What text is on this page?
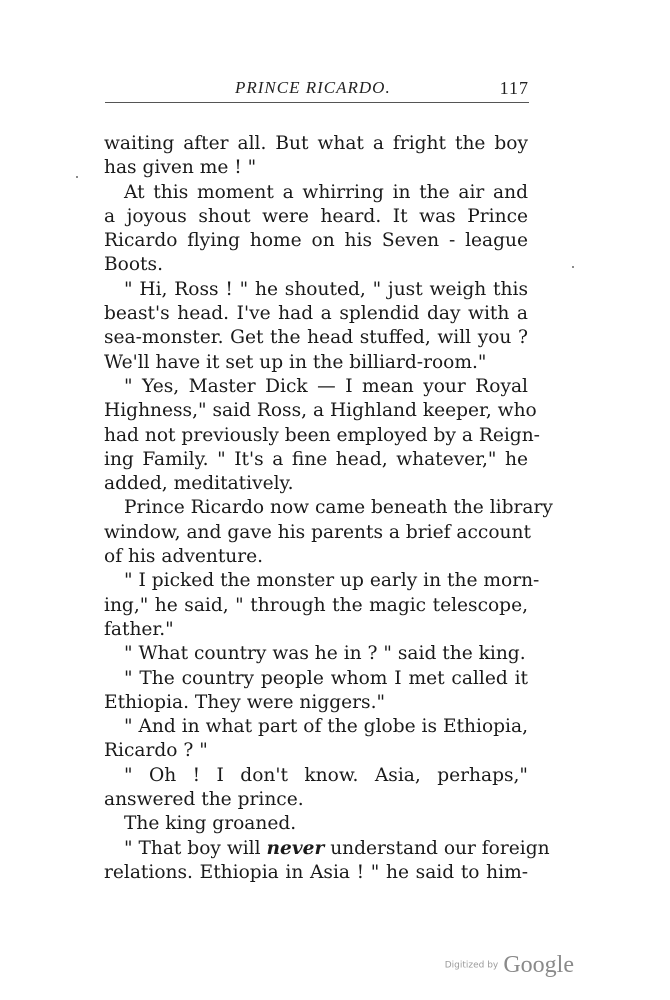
PRINCE RICARDO.	117
waiting after all. But what a fright the boy
has given me ! "
At this moment a whirring in the air and
a joyous shout were heard. It was Prince
Ricardo flying home on his Seven - league
Boots.
" Hi, Ross ! " he shouted, " just weigh this
beast's head. I've had a splendid day with a
sea-monster. Get the head stuffed, will you ?
We'll have it set up in the billiard-room."
" Yes, Master Dick — I mean your Royal
Highness," said Ross, a Highland keeper, who
had not previously been employed by a Reign-
ing Family. " It's a fine head, whatever," he
added, meditatively.
Prince Ricardo now came beneath the library
window, and gave his parents a brief account
of his adventure.
" I picked the monster up early in the morn-
ing," he said, " through the magic telescope,
father."
" What country was he in ? " said the king.
" The country people whom I met called it
Ethiopia. They were niggers."
" And in what part of the globe is Ethiopia,
Ricardo ? "
" Oh ! I don't know. Asia, perhaps,"
answered the prince.
The king groaned.
" That boy will never understand our foreign
relations. Ethiopia in Asia ! " he said to him-
Digitized by Google
